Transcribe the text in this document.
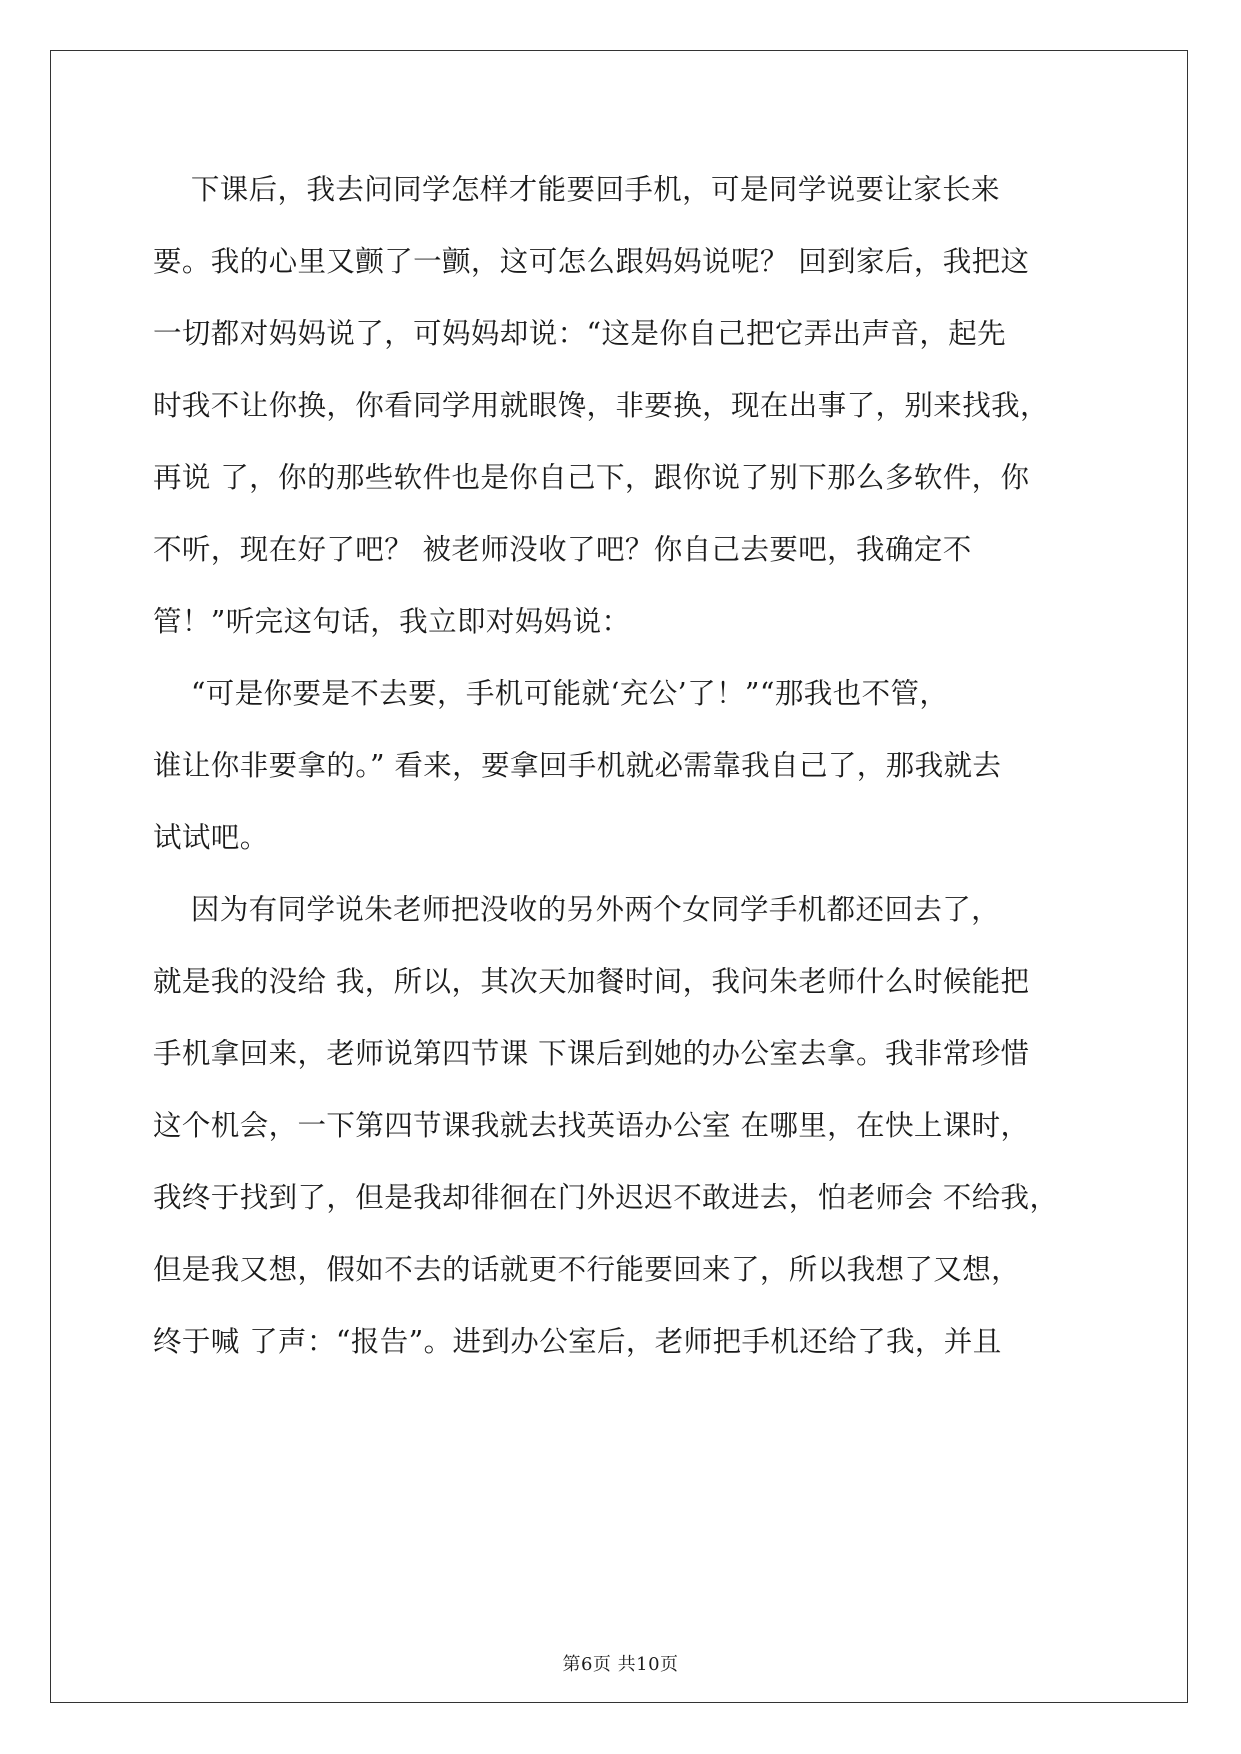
下课后，我去问同学怎样才能要回手机，可是同学说要让家长来
要。我的心里又颤了一颤，这可怎么跟妈妈说呢？ 回到家后，我把这
一切都对妈妈说了，可妈妈却说：“这是你自己把它弄出声音，起先
时我不让你换，你看同学用就眼馋，非要换，现在出事了，别来找我，
再说 了，你的那些软件也是你自己下，跟你说了别下那么多软件，你
不听，现在好了吧？ 被老师没收了吧？你自己去要吧，我确定不
管！”听完这句话，我立即对妈妈说：
“可是你要是不去要，手机可能就‘充公’了！”“那我也不管，
谁让你非要拿的。” 看来，要拿回手机就必需靠我自己了，那我就去
试试吧。
因为有同学说朱老师把没收的另外两个女同学手机都还回去了，
就是我的没给 我，所以，其次天加餐时间，我问朱老师什么时候能把
手机拿回来，老师说第四节课 下课后到她的办公室去拿。我非常珍惜
这个机会，一下第四节课我就去找英语办公室 在哪里，在快上课时，
我终于找到了，但是我却徘徊在门外迟迟不敢进去，怕老师会 不给我，
但是我又想，假如不去的话就更不行能要回来了，所以我想了又想，
终于喊 了声：“报告”。进到办公室后，老师把手机还给了我，并且
第6页 共10页
